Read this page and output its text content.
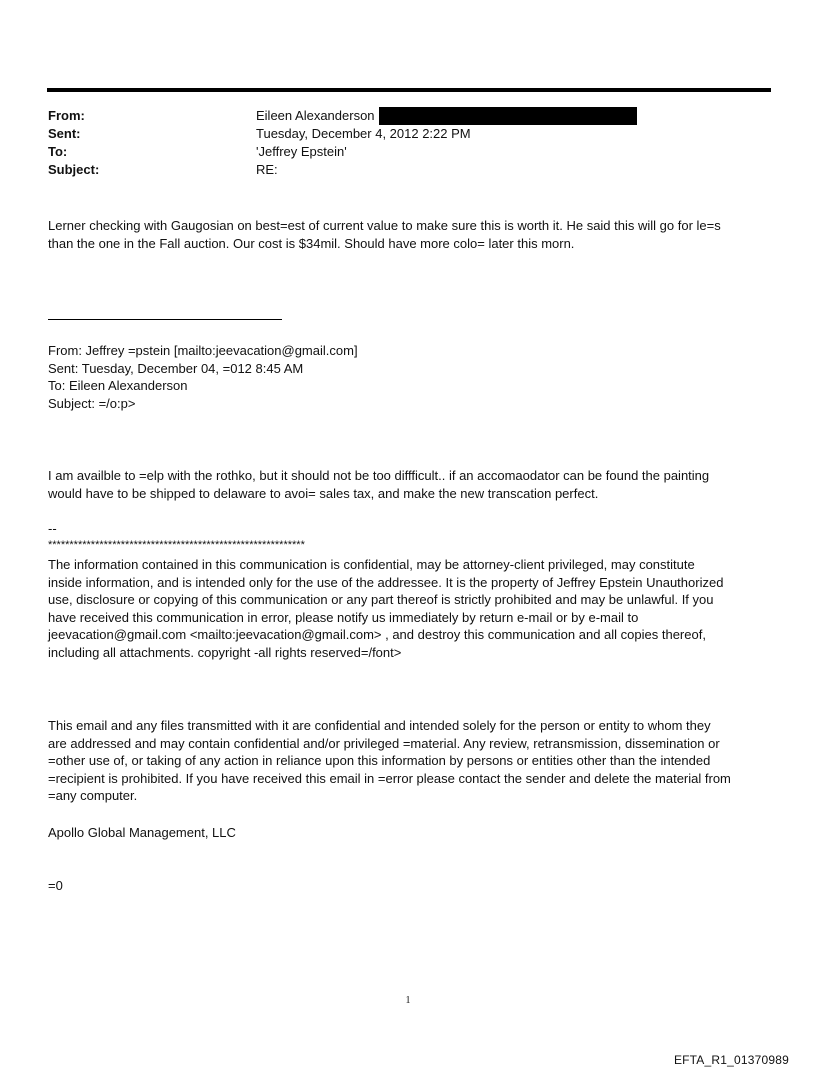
From:	Eileen Alexanderson
Sent:	Tuesday, December 4, 2012 2:22 PM
To:	'Jeffrey Epstein'
Subject:	RE:
Lerner checking with Gaugosian on best=est of current value to make sure this is worth it. He said this will go for le=s
than the one in the Fall auction. Our cost is $34mil. Should have more colo= later this morn.
From: Jeffrey =pstein [mailto:jeevacation@gmail.com]
Sent: Tuesday, December 04, =012 8:45 AM
To: Eileen Alexanderson
Subject: =/o:p>
I am availble to =elp with the rothko, but it should not be too diffficult.. if an accomaodator can be found the painting
would have to be shipped to delaware to avoi= sales tax, and make the new transcation perfect.
--
************************************************************
The information contained in this communication is confidential, may be attorney-client privileged, may constitute
inside information, and is intended only for the use of the addressee. It is the property of Jeffrey Epstein Unauthorized
use, disclosure or copying of this communication or any part thereof is strictly prohibited and may be unlawful. If you
have received this communication in error, please notify us immediately by return e-mail or by e-mail to
jeevacation@gmail.com <mailto:jeevacation@gmail.com> , and destroy this communication and all copies thereof,
including all attachments. copyright -all rights reserved=/font>
This email and any files transmitted with it are confidential and intended solely for the person or entity to whom they
are addressed and may contain confidential and/or privileged =material. Any review, retransmission, dissemination or
=other use of, or taking of any action in reliance upon this information by persons or entities other than the intended
=recipient is prohibited. If you have received this email in =error please contact the sender and delete the material from
=any computer.
Apollo Global Management, LLC
=0
1
EFTA_R1_01370989
